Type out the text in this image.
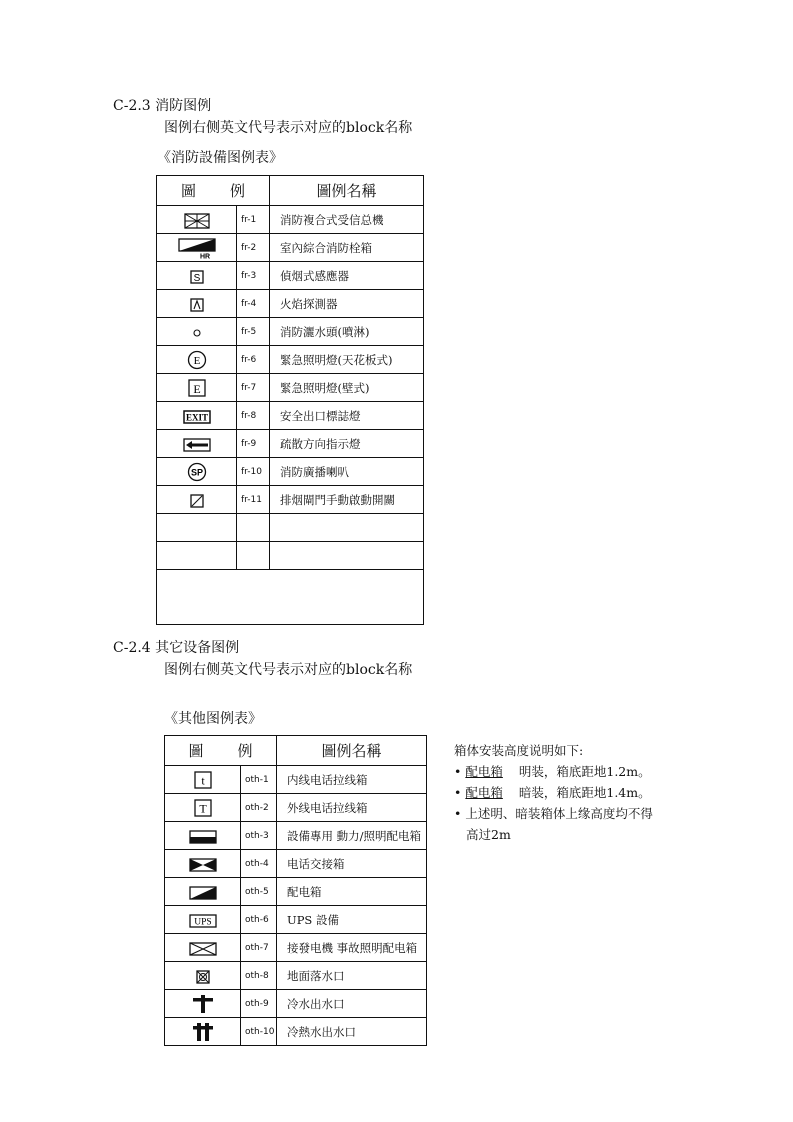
C-2.3 消防图例
图例右侧英文代号表示对应的block名称
《消防設備图例表》
圖 例		圖例名稱
	fr-1	消防複合式受信总機

HR	fr-2	室內綜合消防栓箱

S	fr-3	偵烟式感應器
	fr-4	火焰探測器
	fr-5	消防灑水頭(噴淋)

E	fr-6	緊急照明燈(天花板式)

E	fr-7	緊急照明燈(壁式)

EXIT	fr-8	安全出口標誌燈
	fr-9	疏散方向指示燈

SP	fr-10	消防廣播喇叭
	fr-11	排烟閘門手動啟動開關

C-2.4 其它设备图例
图例右侧英文代号表示对应的block名称
《其他图例表》
圖 例		圖例名稱

t	oth-1	内线电话拉线箱

T	oth-2	外线电话拉线箱
	oth-3	設備專用 動力/照明配电箱
	oth-4	电话交接箱
	oth-5	配电箱

UPS	oth-6	UPS 設備
	oth-7	接發电機 事故照明配电箱
	oth-8	地面落水口
	oth-9	冷水出水口
	oth-10	冷熱水出水口
箱体安装高度说明如下:
• 配电箱 明装，箱底距地1.2m。
• 配电箱 暗装，箱底距地1.4m。
• 上述明、暗装箱体上缘高度均不得
高过2m
